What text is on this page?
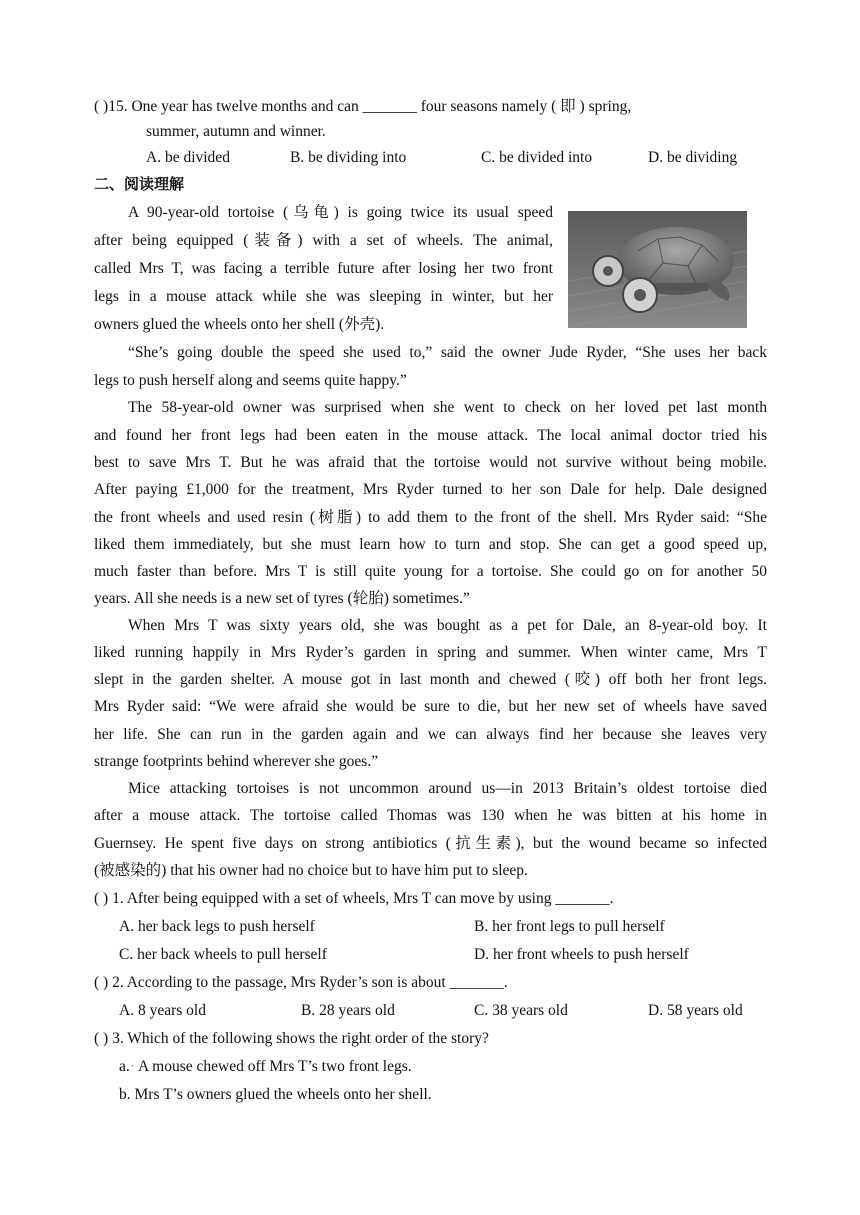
( )15. One year has twelve months and can _______ four seasons namely ( 即 ) spring,
summer, autumn and winner.
A. be divided	B. be dividing into	C. be divided into	D. be dividing
二、阅读理解
A 90-year-old tortoise (乌龟) is going twice its usual speed
after being equipped (装备) with a set of wheels. The animal,
called Mrs T, was facing a terrible future after losing her two front
legs in a mouse attack while she was sleeping in winter, but her
owners glued the wheels onto her shell (外壳).
“She’s going double the speed she used to,” said the owner Jude Ryder, “She uses her back
legs to push herself along and seems quite happy.”
The 58-year-old owner was surprised when she went to check on her loved pet last month
and found her front legs had been eaten in the mouse attack. The local animal doctor tried his
best to save Mrs T. But he was afraid that the tortoise would not survive without being mobile.
After paying £1,000 for the treatment, Mrs Ryder turned to her son Dale for help. Dale designed
the front wheels and used resin (树脂) to add them to the front of the shell. Mrs Ryder said: “She
liked them immediately, but she must learn how to turn and stop. She can get a good speed up,
much faster than before. Mrs T is still quite young for a tortoise. She could go on for another 50
years. All she needs is a new set of tyres (轮胎) sometimes.”
When Mrs T was sixty years old, she was bought as a pet for Dale, an 8-year-old boy. It
liked running happily in Mrs Ryder’s garden in spring and summer. When winter came, Mrs T
slept in the garden shelter. A mouse got in last month and chewed (咬) off both her front legs.
Mrs Ryder said: “We were afraid she would be sure to die, but her new set of wheels have saved
her life. She can run in the garden again and we can always find her because she leaves very
strange footprints behind wherever she goes.”
Mice attacking tortoises is not uncommon around us—in 2013 Britain’s oldest tortoise died
after a mouse attack. The tortoise called Thomas was 130 when he was bitten at his home in
Guernsey. He spent five days on strong antibiotics (抗生素), but the wound became so infected
(被感染的) that his owner had no choice but to have him put to sleep.
( ) 1. After being equipped with a set of wheels, Mrs T can move by using _______.
A. her back legs to push herself	B. her front legs to pull herself
C. her back wheels to pull herself	D. her front wheels to push herself
( ) 2. According to the passage, Mrs Ryder’s son is about _______.
A. 8 years old	B. 28 years old	C. 38 years old	D. 58 years old
( ) 3. Which of the following shows the right order of the story?
a.· A mouse chewed off Mrs T’s two front legs.
b. Mrs T’s owners glued the wheels onto her shell.
